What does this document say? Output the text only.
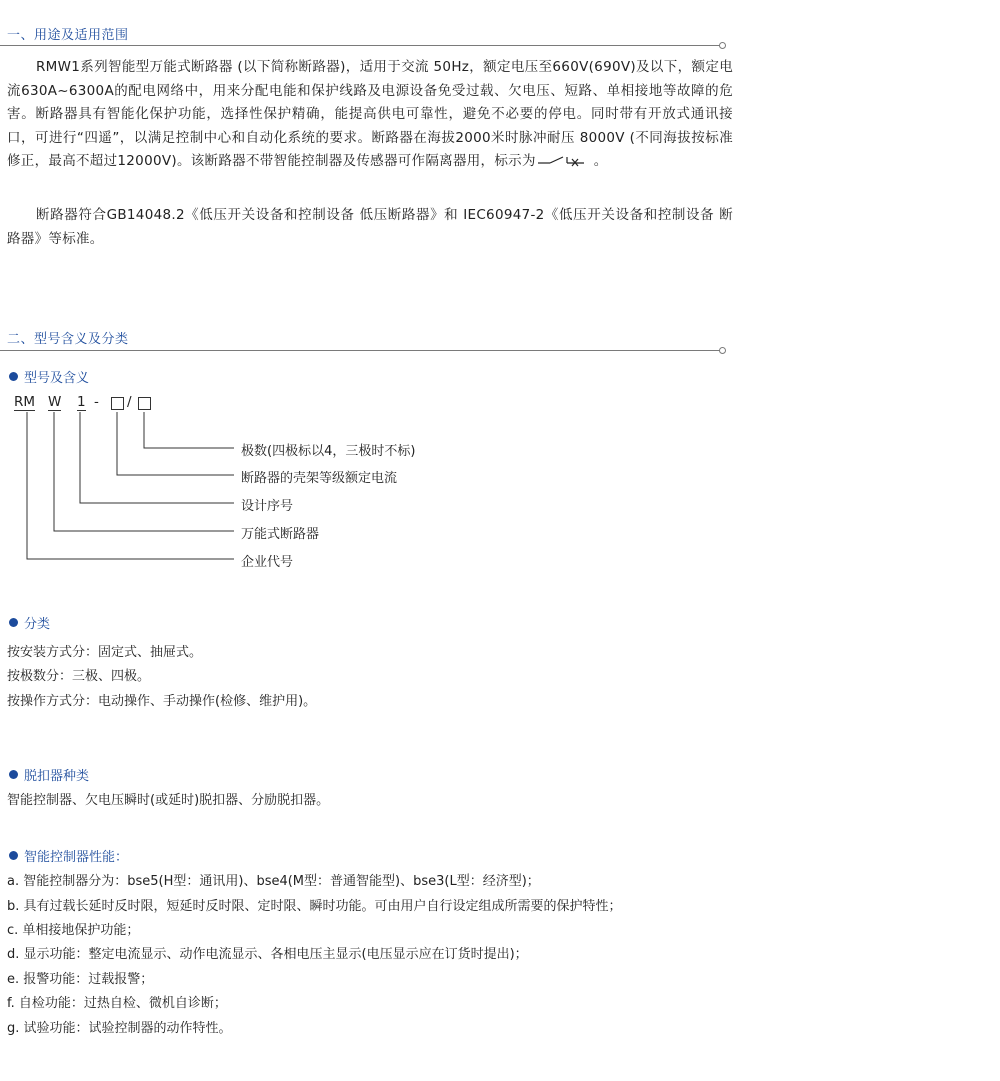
一、用途及适用范围

RMW1系列智能型万能式断路器 (以下简称断路器)，适用于交流 50Hz，额定电压至660V(690V)及以下，额定电流630A~6300A的配电网络中，用来分配电能和保护线路及电源设备免受过载、欠电压、短路、单相接地等故障的危害。断路器具有智能化保护功能，选择性保护精确，能提高供电可靠性，避免不必要的停电。同时带有开放式通讯接口，可进行“四遥”，以满足控制中心和自动化系统的要求。断路器在海拔2000米时脉冲耐压 8000V (不同海拔按标准修正，最高不超过12000V)。该断路器不带智能控制器及传感器可作隔离器用，标示为	。

断路器符合GB14048.2《低压开关设备和控制设备 低压断路器》和 IEC60947-2《低压开关设备和控制设备 断路器》等标准。

二、型号含义及分类
型号及含义
RM W 1 - /
极数(四极标以4，三极时不标)
断路器的壳架等级额定电流
设计序号
万能式断路器
企业代号
分类
按安装方式分：固定式、抽屉式。
按极数分：三极、四极。
按操作方式分：电动操作、手动操作(检修、维护用)。
脱扣器种类
智能控制器、欠电压瞬时(或延时)脱扣器、分励脱扣器。
智能控制器性能：
a. 智能控制器分为：bse5(H型：通讯用)、bse4(M型：普通智能型)、bse3(L型：经济型)；
b. 具有过载长延时反时限，短延时反时限、定时限、瞬时功能。可由用户自行设定组成所需要的保护特性；
c. 单相接地保护功能；
d. 显示功能：整定电流显示、动作电流显示、各相电压主显示(电压显示应在订货时提出)；
e. 报警功能：过载报警；
f. 自检功能：过热自检、微机自诊断；
g. 试验功能：试验控制器的动作特性。
